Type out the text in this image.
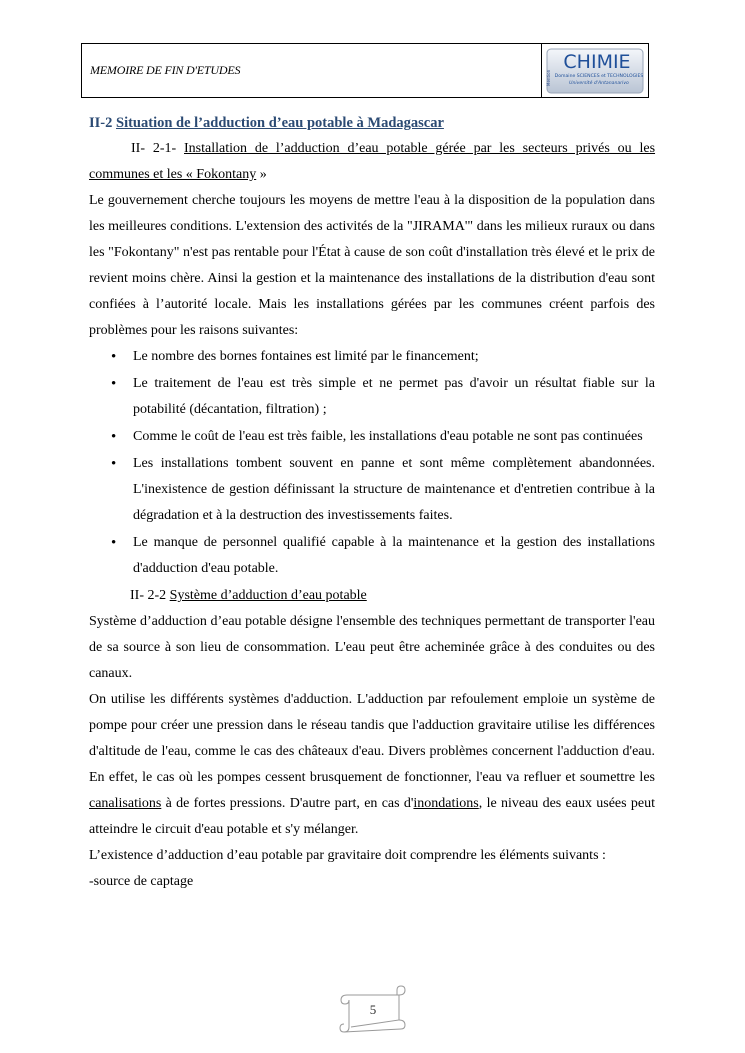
MEMOIRE DE FIN D'ETUDES	Mention
CHIMIE
Domaine SCIENCES et TECHNOLOGIES
Université d'Antananarivo

II-2 Situation de l’adduction d’eau potable à Madagascar

II- 2-1- Installation de l’adduction d’eau potable gérée par les secteurs privés ou les communes et les « Fokontany »

Le gouvernement cherche toujours les moyens de mettre l'eau à la disposition de la population dans les meilleures conditions. L'extension des activités de la "JIRAMA'" dans les milieux ruraux ou dans les "Fokontany" n'est pas rentable pour l'État à cause de son coût d'installation très élevé et le prix de revient moins chère. Ainsi la gestion et la maintenance des installations de la distribution d'eau sont confiées à l’autorité locale. Mais les installations gérées par les communes créent parfois des problèmes pour les raisons suivantes:

• Le nombre des bornes fontaines est limité par le financement;
• Le traitement de l'eau est très simple et ne permet pas d'avoir un résultat fiable sur la potabilité (décantation, filtration) ;
• Comme le coût de l'eau est très faible, les installations d'eau potable ne sont pas continuées
• Les installations tombent souvent en panne et sont même complètement abandonnées. L'inexistence de gestion définissant la structure de maintenance et d'entretien contribue à la dégradation et à la destruction des investissements faites.
• Le manque de personnel qualifié capable à la maintenance et la gestion des installations d'adduction d'eau potable.

II- 2-2 Système d’adduction d’eau potable

Système d’adduction d’eau potable désigne l'ensemble des techniques permettant de transporter l'eau de sa source à son lieu de consommation. L'eau peut être acheminée grâce à des conduites ou des canaux.

On utilise les différents systèmes d'adduction. L'adduction par refoulement emploie un système de pompe pour créer une pression dans le réseau tandis que l'adduction gravitaire utilise les différences d'altitude de l'eau, comme le cas des châteaux d'eau. Divers problèmes concernent l'adduction d'eau. En effet, le cas où les pompes cessent brusquement de fonctionner, l'eau va refluer et soumettre les canalisations à de fortes pressions. D'autre part, en cas d'inondations, le niveau des eaux usées peut atteindre le circuit d'eau potable et s'y mélanger.

L’existence d’adduction d’eau potable par gravitaire doit comprendre les éléments suivants :

-source de captage

5
